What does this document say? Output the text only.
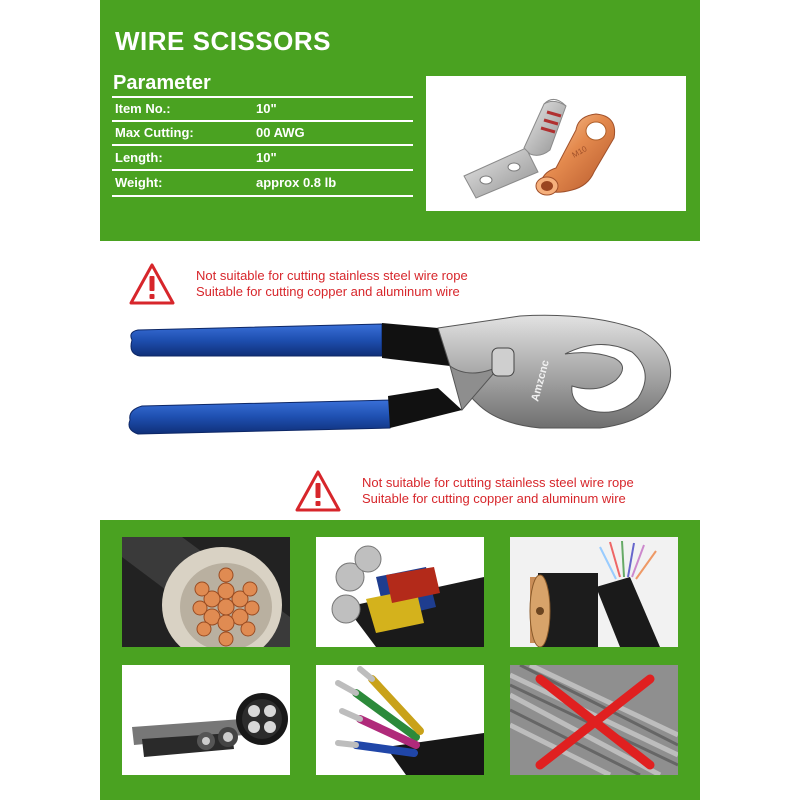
WIRE SCISSORS
Parameter
Item No.:	10"
Max Cutting:	00 AWG
Length:	10"
Weight:	approx 0.8 lb
M10
Not suitable for cutting stainless steel wire rope
Suitable for cutting copper and aluminum wire
Amzcnc
Not suitable for cutting stainless steel wire rope
Suitable for cutting copper and aluminum wire
